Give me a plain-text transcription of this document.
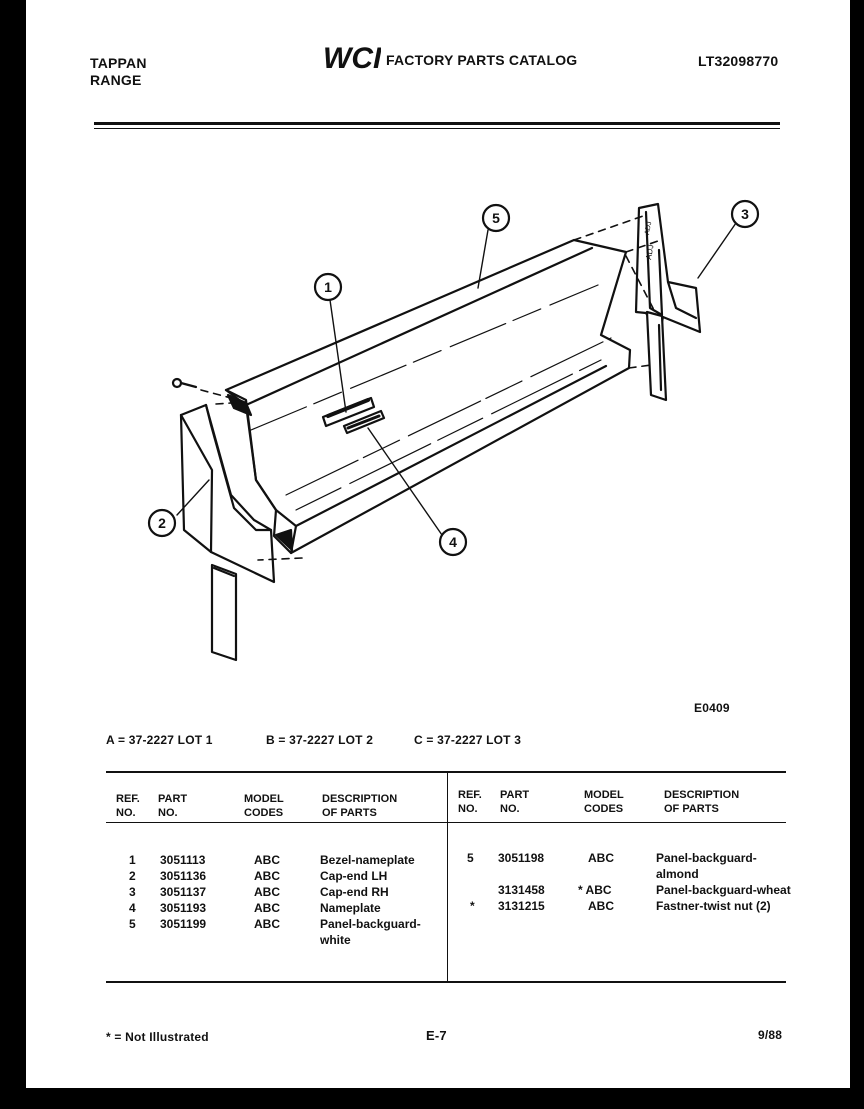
TAPPAN
RANGE
WCI FACTORY PARTS CATALOG	LT32098770
ADJ
ADJ
1
2
3
4
5
E0409
A = 37-2227 LOT 1	B = 37-2227 LOT 2	C = 37-2227 LOT 3
REF.
NO.
PART
NO.
MODEL
CODES
DESCRIPTION
OF PARTS
REF.
NO.
PART
NO.
MODEL
CODES
DESCRIPTION
OF PARTS
1 3051113	ABC	Bezel-nameplate
2 3051136	ABC	Cap-end LH
3 3051137	ABC	Cap-end RH
4 3051193	ABC	Nameplate
5 3051199	ABC	Panel-backguard-
white
5 3051198	ABC	Panel-backguard-
almond
3131458	* ABC	Panel-backguard-wheat
* 3131215	ABC	Fastner-twist nut (2)
* = Not Illustrated	E-7	9/88
